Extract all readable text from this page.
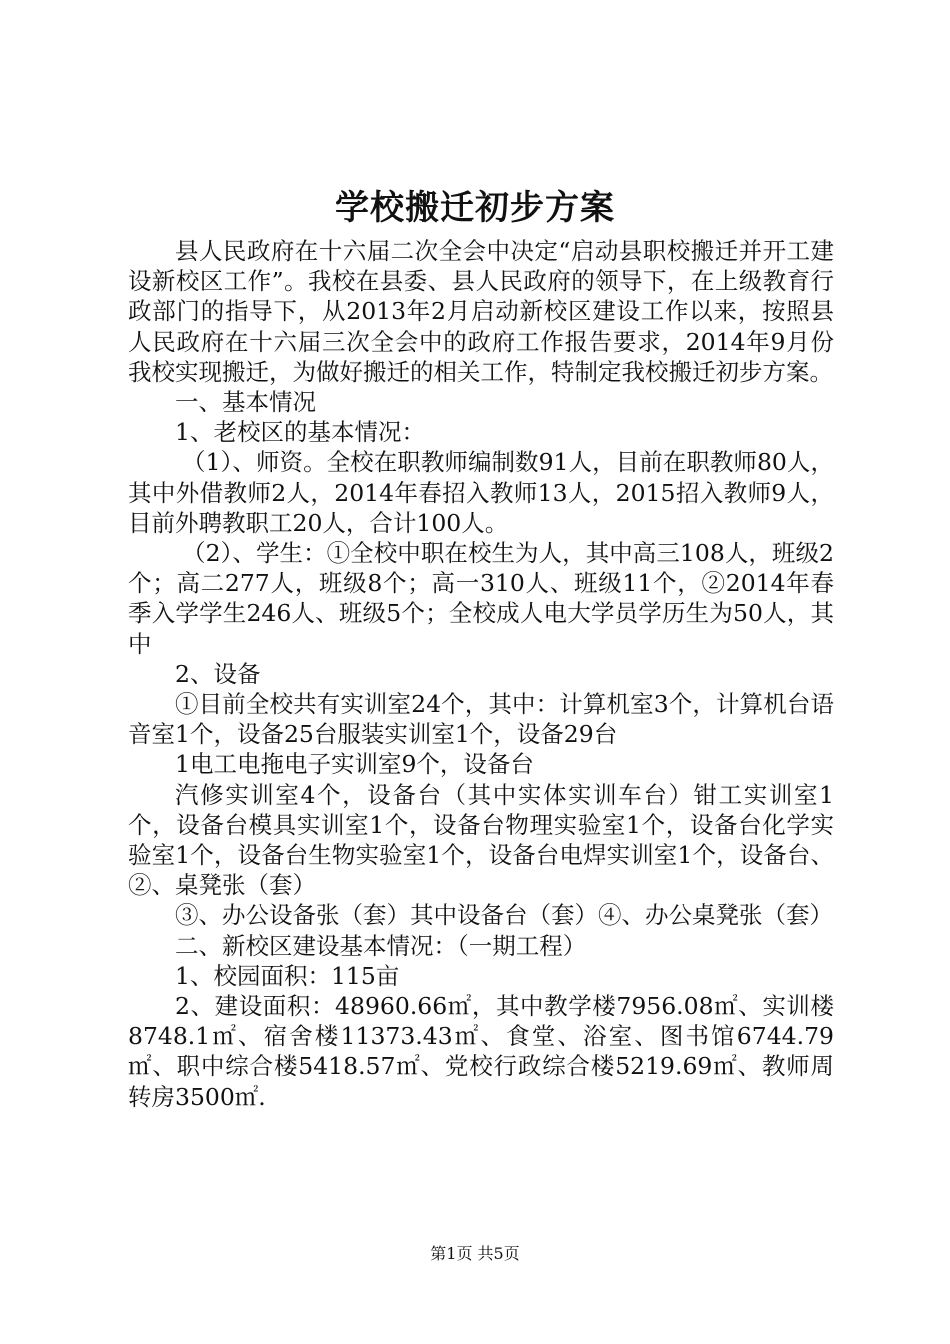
学校搬迁初步方案

县人民政府在十六届二次全会中决定“启动县职校搬迁并开工建设新校区工作”。我校在县委、县人民政府的领导下，在上级教育行政部门的指导下，从2013年2月启动新校区建设工作以来，按照县人民政府在十六届三次全会中的政府工作报告要求，2014年9月份我校实现搬迁，为做好搬迁的相关工作，特制定我校搬迁初步方案。

一、基本情况

1、老校区的基本情况：

（1）、师资。全校在职教师编制数91人，目前在职教师80人，其中外借教师2人，2014年春招入教师13人，2015招入教师9人，目前外聘教职工20人，合计100人。

（2）、学生：①全校中职在校生为人，其中高三108人，班级2个；高二277人，班级8个；高一310人、班级11个，②2014年春季入学学生246人、班级5个；全校成人电大学员学历生为50人，其中

2、设备

①目前全校共有实训室24个，其中：计算机室3个，计算机台语音室1个，设备25台服装实训室1个，设备29台

1电工电拖电子实训室9个，设备台

汽修实训室4个，设备台（其中实体实训车台）钳工实训室1个，设备台模具实训室1个，设备台物理实验室1个，设备台化学实验室1个，设备台生物实验室1个，设备台电焊实训室1个，设备台、②、桌凳张（套）

③、办公设备张（套）其中设备台（套）④、办公桌凳张（套）

二、新校区建设基本情况：（一期工程）

1、校园面积：115亩

2、建设面积：48960.66㎡，其中教学楼7956.08㎡、实训楼8748.1㎡、宿舍楼11373.43㎡、食堂、浴室、图书馆6744.79㎡、职中综合楼5418.57㎡、党校行政综合楼5219.69㎡、教师周转房3500㎡.

第1页 共5页
